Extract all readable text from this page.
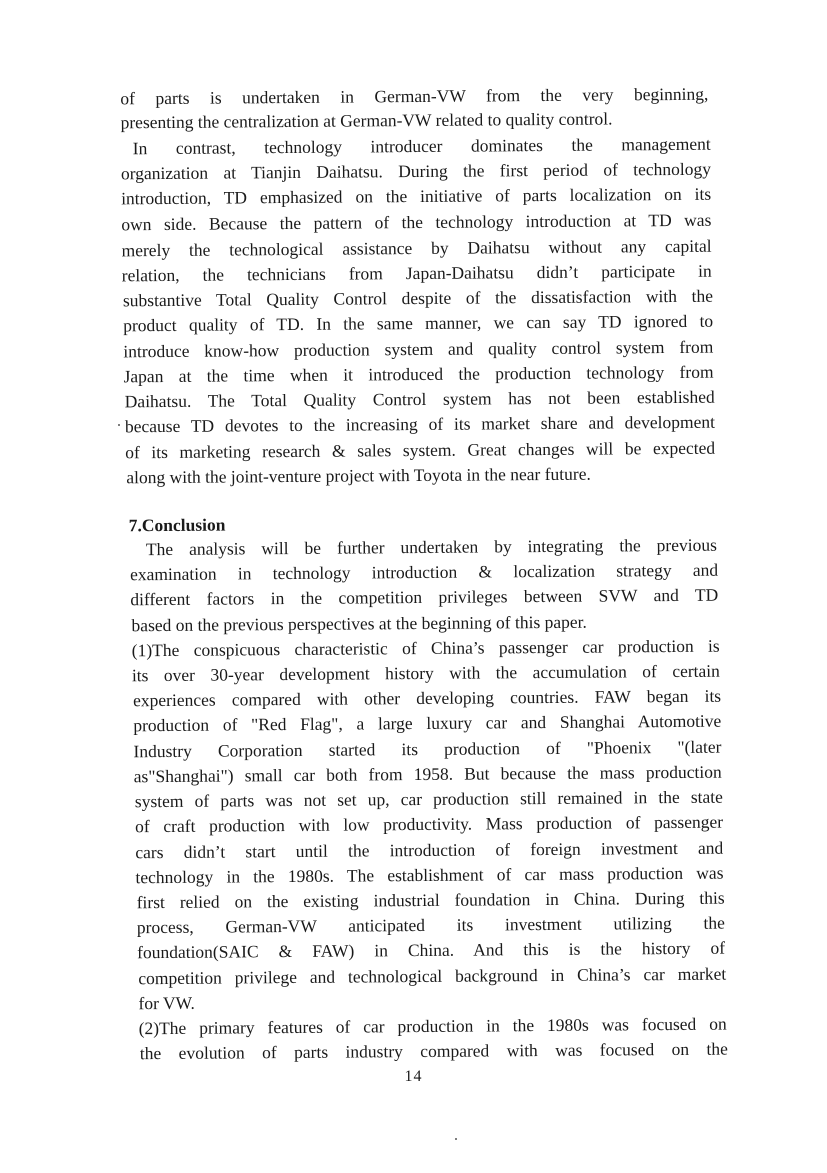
of parts is undertaken in German-VW from the very beginning,
presenting the centralization at German-VW related to quality control.
In contrast, technology introducer dominates the management
organization at Tianjin Daihatsu. During the first period of technology
introduction, TD emphasized on the initiative of parts localization on its
own side. Because the pattern of the technology introduction at TD was
merely the technological assistance by Daihatsu without any capital
relation, the technicians from Japan-Daihatsu didn’t participate in
substantive Total Quality Control despite of the dissatisfaction with the
product quality of TD. In the same manner, we can say TD ignored to
introduce know-how production system and quality control system from
Japan at the time when it introduced the production technology from
Daihatsu. The Total Quality Control system has not been established
because TD devotes to the increasing of its market share and development
of its marketing research & sales system. Great changes will be expected
along with the joint-venture project with Toyota in the near future.
7.Conclusion
The analysis will be further undertaken by integrating the previous
examination in technology introduction & localization strategy and
different factors in the competition privileges between SVW and TD
based on the previous perspectives at the beginning of this paper.
(1)The conspicuous characteristic of China’s passenger car production is
its over 30-year development history with the accumulation of certain
experiences compared with other developing countries. FAW began its
production of "Red Flag", a large luxury car and Shanghai Automotive
Industry Corporation started its production of "Phoenix "(later
as"Shanghai") small car both from 1958. But because the mass production
system of parts was not set up, car production still remained in the state
of craft production with low productivity. Mass production of passenger
cars didn’t start until the introduction of foreign investment and
technology in the 1980s. The establishment of car mass production was
first relied on the existing industrial foundation in China. During this
process, German-VW anticipated its investment utilizing the
foundation(SAIC & FAW) in China. And this is the history of
competition privilege and technological background in China’s car market
for VW.
(2)The primary features of car production in the 1980s was focused on
the evolution of parts industry compared with was focused on the
14
